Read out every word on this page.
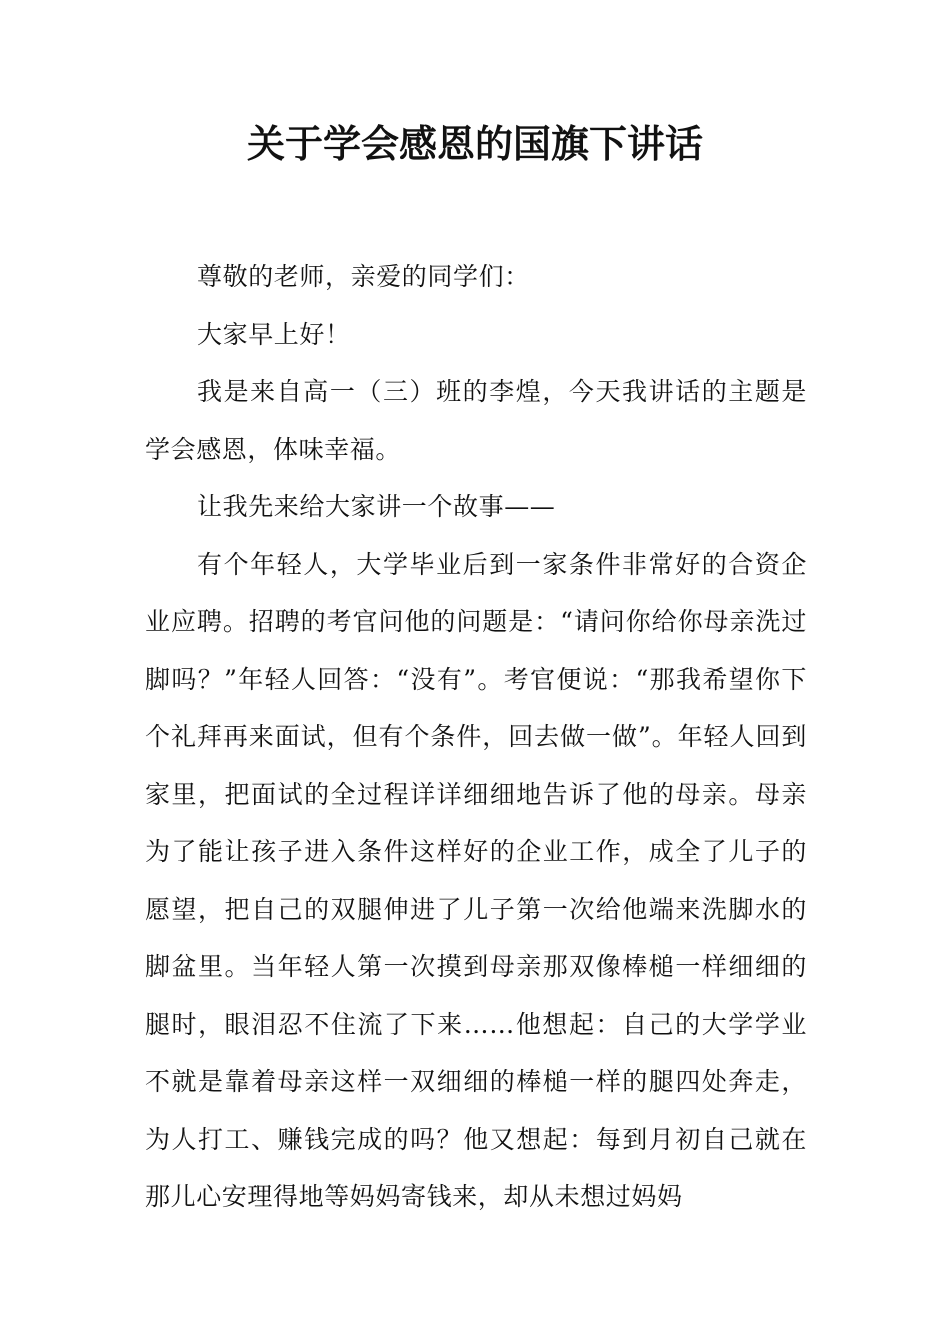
关于学会感恩的国旗下讲话

尊敬的老师，亲爱的同学们：

大家早上好！

我是来自高一（三）班的李煌，今天我讲话的主题是学会感恩，体味幸福。

让我先来给大家讲一个故事——

有个年轻人，大学毕业后到一家条件非常好的合资企业应聘。招聘的考官问他的问题是：“请问你给你母亲洗过脚吗？”年轻人回答：“没有”。考官便说：“那我希望你下个礼拜再来面试，但有个条件，回去做一做”。年轻人回到家里，把面试的全过程详详细细地告诉了他的母亲。母亲为了能让孩子进入条件这样好的企业工作，成全了儿子的愿望，把自己的双腿伸进了儿子第一次给他端来洗脚水的脚盆里。当年轻人第一次摸到母亲那双像棒槌一样细细的腿时，眼泪忍不住流了下来……他想起：自己的大学学业不就是靠着母亲这样一双细细的棒槌一样的腿四处奔走，为人打工、赚钱完成的吗？他又想起：每到月初自己就在那儿心安理得地等妈妈寄钱来，却从未想过妈妈
